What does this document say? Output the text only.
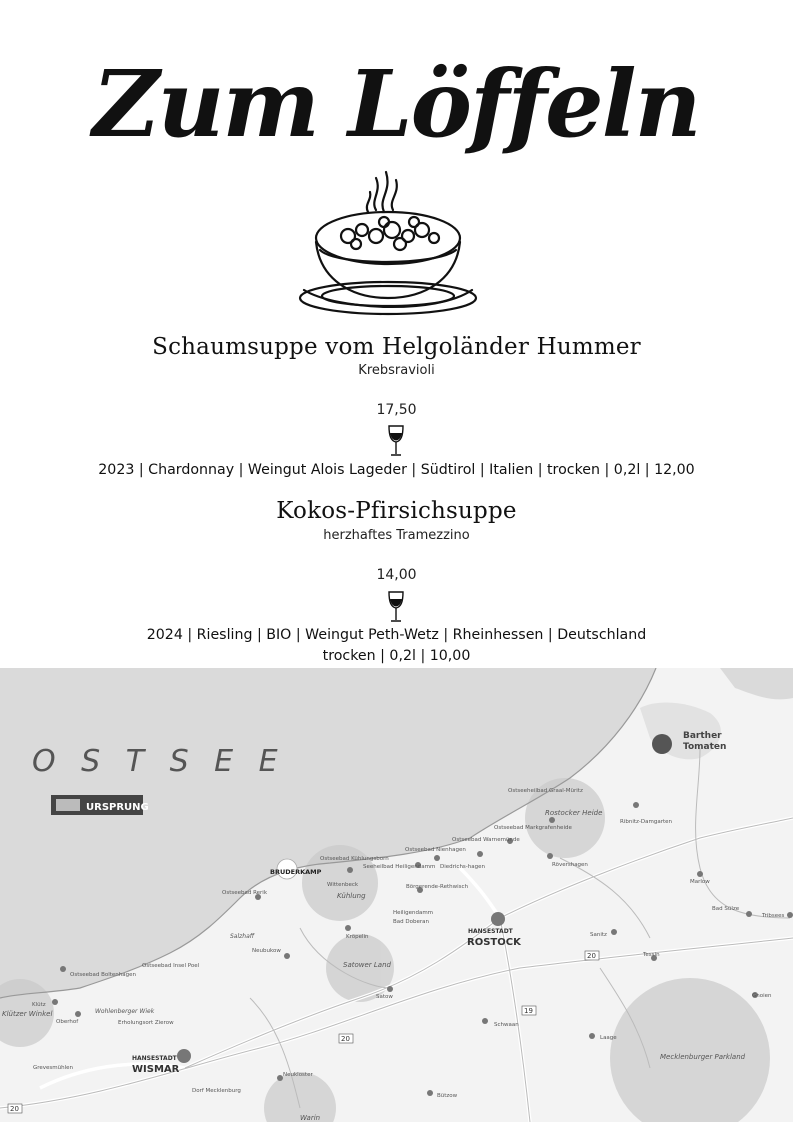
Zum Löffeln
Schaumsuppe vom Helgoländer Hummer
Krebsravioli
17,50
2023 | Chardonnay | Weingut Alois Lageder | Südtirol | Italien | trocken | 0,2l | 12,00
Kokos-Pfirsichsuppe
herzhaftes Tramezzino
14,00
2024 | Riesling | BIO | Weingut Peth-Wetz | Rheinhessen | Deutschland
trocken | 0,2l | 10,00
20
19
20
20
O S T S E E
URSPRUNG
BRUDERKAMP
Barther
Tomaten
HANSESTADT
ROSTOCK
HANSESTADT
WISMAR
Ostseeheilbad Graal-Müritz
Rostocker Heide
Ribnitz-Damgarten
Ostseebad Markgrafenheide
Ostseebad Warnemünde
Ostseebad Nienhagen
Diedrichs-hagen	Rövershagen
Marlow
Bad Sülze
Tribsees
Ostseebad Kühlungsborn
Seeheilbad Heiligendamm
Wittenbeck
Kühlung
Börgerende-Rethwisch
Ostseebad Rerik
Salzhaff
Heiligendamm
Bad Doberan
Sanitz
Tessin
Neubukow
Kröpelin
Satower Land
Satow	Gnoien
Ostseebad Boltenhagen
Ostseebad Insel Poel
Klütz
Klützer Winkel
Oberhof
Wohlenberger Wiek
Erholungsort Zierow	Schwaan
Laage
Mecklenburger Parkland
Grevesmühlen
Dorf Mecklenburg
Neukloster
Bützow
Warin
